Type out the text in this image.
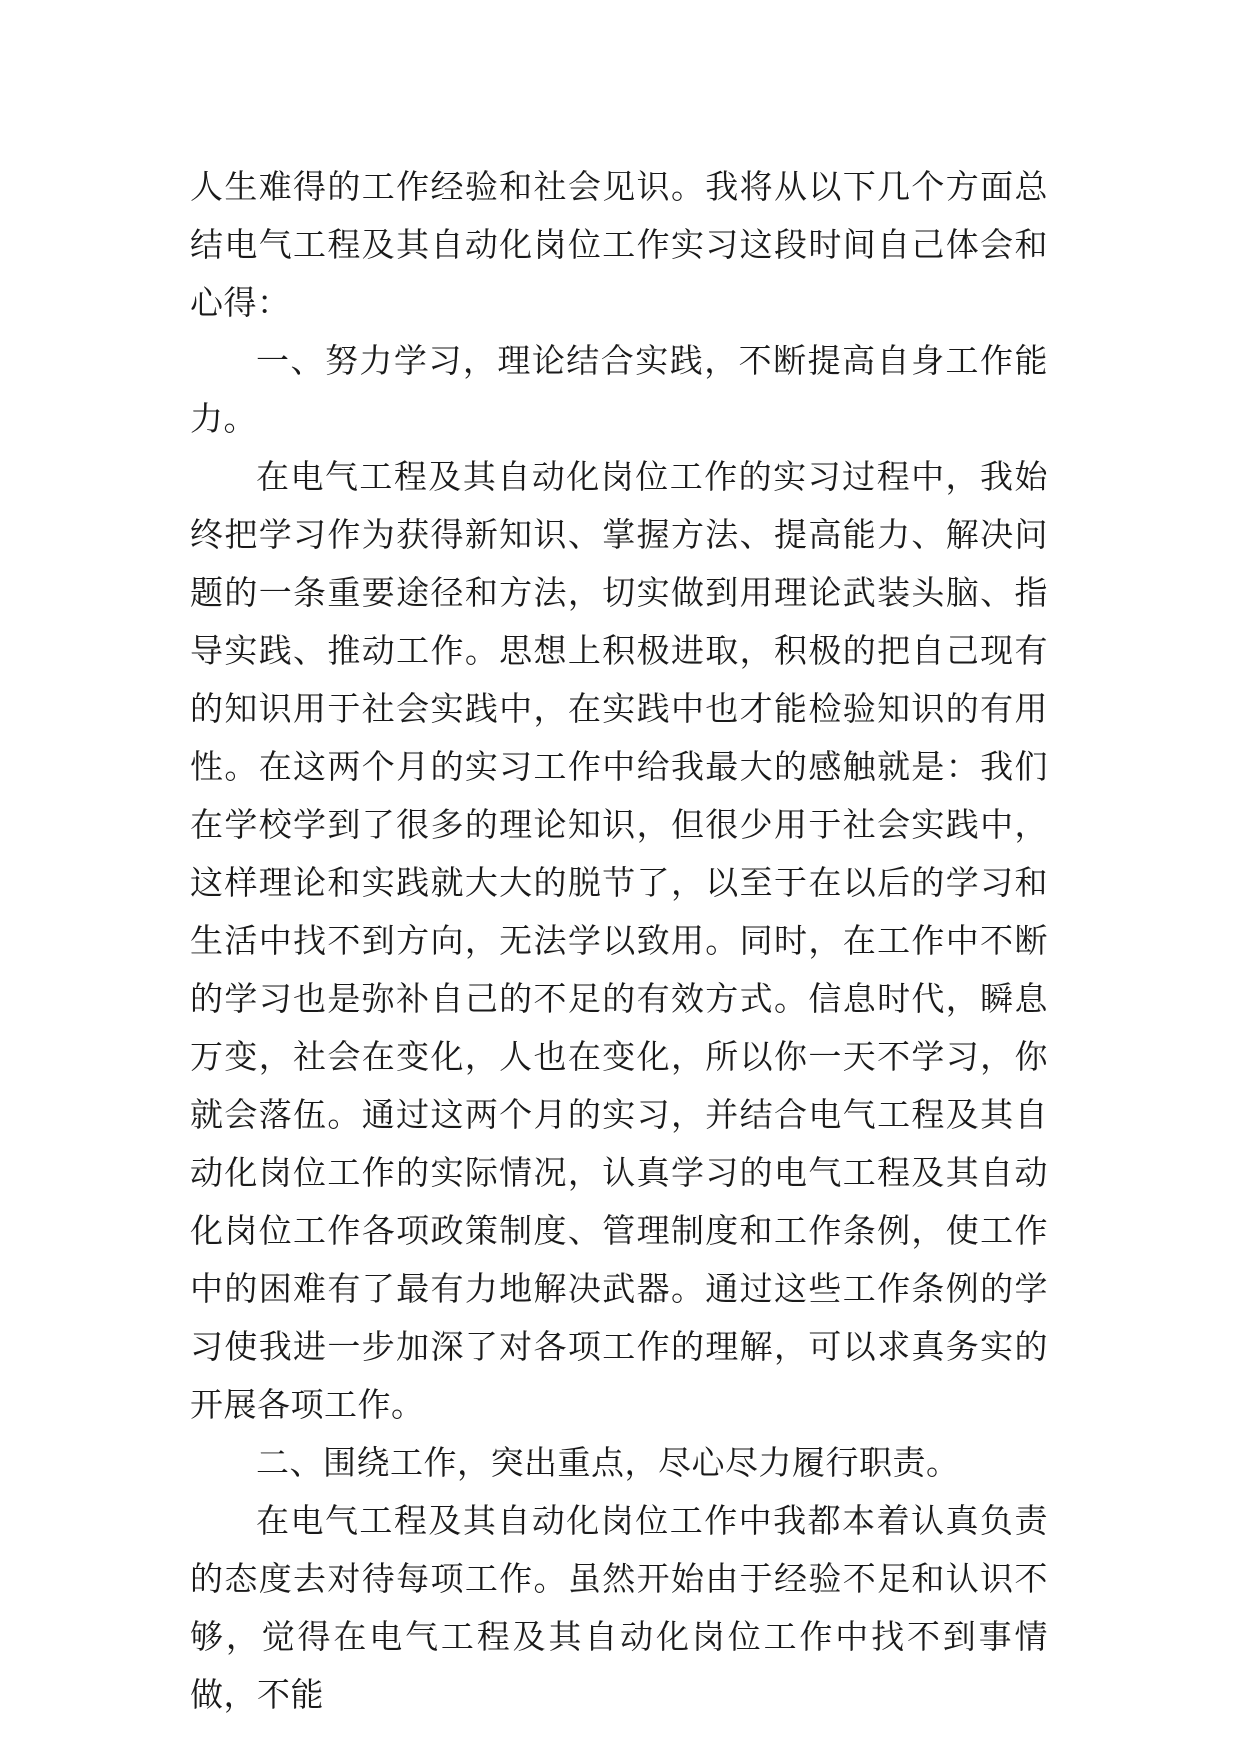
人生难得的工作经验和社会见识。我将从以下几个方面总结电气工程及其自动化岗位工作实习这段时间自己体会和心得：

一、努力学习，理论结合实践，不断提高自身工作能力。

在电气工程及其自动化岗位工作的实习过程中，我始终把学习作为获得新知识、掌握方法、提高能力、解决问题的一条重要途径和方法，切实做到用理论武装头脑、指导实践、推动工作。思想上积极进取，积极的把自己现有的知识用于社会实践中，在实践中也才能检验知识的有用性。在这两个月的实习工作中给我最大的感触就是：我们在学校学到了很多的理论知识，但很少用于社会实践中，这样理论和实践就大大的脱节了，以至于在以后的学习和生活中找不到方向，无法学以致用。同时，在工作中不断的学习也是弥补自己的不足的有效方式。信息时代，瞬息万变，社会在变化，人也在变化，所以你一天不学习，你就会落伍。通过这两个月的实习，并结合电气工程及其自动化岗位工作的实际情况，认真学习的电气工程及其自动化岗位工作各项政策制度、管理制度和工作条例，使工作中的困难有了最有力地解决武器。通过这些工作条例的学习使我进一步加深了对各项工作的理解，可以求真务实的开展各项工作。

二、围绕工作，突出重点，尽心尽力履行职责。

在电气工程及其自动化岗位工作中我都本着认真负责的态度去对待每项工作。虽然开始由于经验不足和认识不够，觉得在电气工程及其自动化岗位工作中找不到事情做，不能
